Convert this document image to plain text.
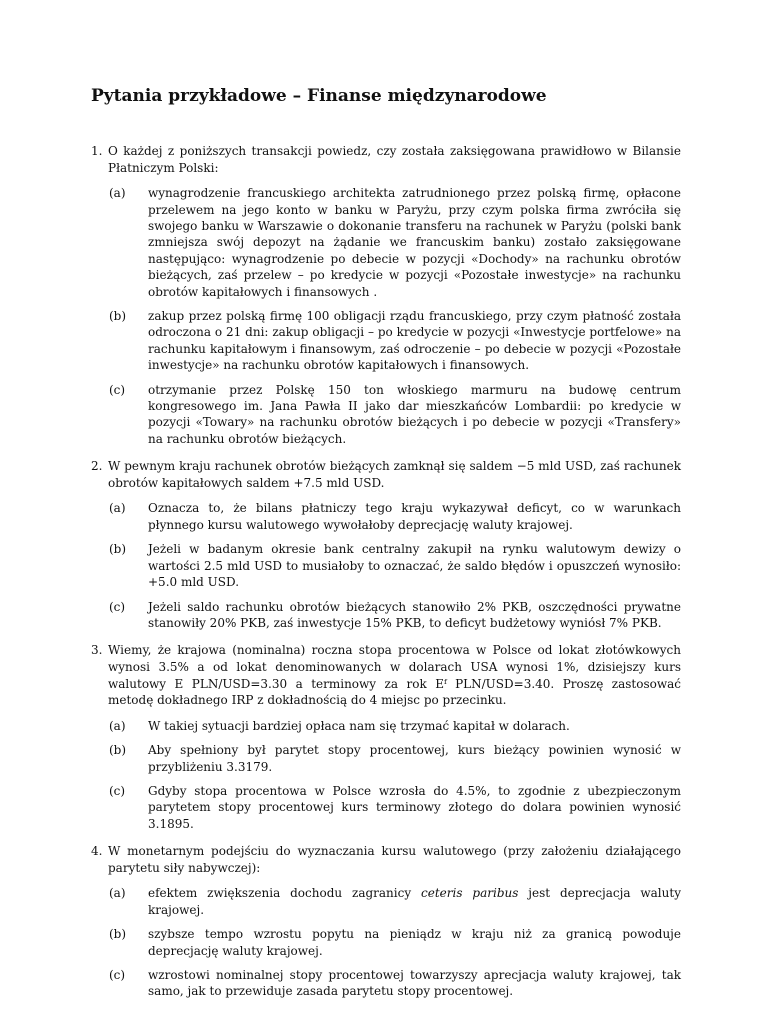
Pytania przykładowe – Finanse międzynarodowe
1. O każdej z poniższych transakcji powiedz, czy została zaksięgowana prawidłowo w Bilansie Płatniczym Polski:
(a)	wynagrodzenie francuskiego architekta zatrudnionego przez polską firmę, opłacone przelewem na jego konto w banku w Paryżu, przy czym polska firma zwróciła się swojego banku w Warszawie o dokonanie transferu na rachunek w Paryżu (polski bank zmniejsza swój depozyt na żądanie we francuskim banku) zostało zaksięgowane następująco: wynagrodzenie po debecie w pozycji «Dochody» na rachunku obrotów bieżących, zaś przelew – po kredycie w pozycji «Pozostałe inwestycje» na rachunku obrotów kapitałowych i finansowych .
(b)	zakup przez polską firmę 100 obligacji rządu francuskiego, przy czym płatność została odroczona o 21 dni: zakup obligacji – po kredycie w pozycji «Inwestycje portfelowe» na rachunku kapitałowym i finansowym, zaś odroczenie – po debecie w pozycji «Pozostałe inwestycje» na rachunku obrotów kapitałowych i finansowych.
(c)	otrzymanie przez Polskę 150 ton włoskiego marmuru na budowę centrum kongresowego im. Jana Pawła II jako dar mieszkańców Lombardii: po kredycie w pozycji «Towary» na rachunku obrotów bieżących i po debecie w pozycji «Transfery» na rachunku obrotów bieżących.
2. W pewnym kraju rachunek obrotów bieżących zamknął się saldem −5 mld USD, zaś rachunek obrotów kapitałowych saldem +7.5 mld USD.
(a)	Oznacza to, że bilans płatniczy tego kraju wykazywał deficyt, co w warunkach płynnego kursu walutowego wywołałoby deprecjację waluty krajowej.
(b)	Jeżeli w badanym okresie bank centralny zakupił na rynku walutowym dewizy o wartości 2.5 mld USD to musiałoby to oznaczać, że saldo błędów i opuszczeń wynosiło: +5.0 mld USD.
(c)	Jeżeli saldo rachunku obrotów bieżących stanowiło 2% PKB, oszczędności prywatne stanowiły 20% PKB, zaś inwestycje 15% PKB, to deficyt budżetowy wyniósł 7% PKB.
3. Wiemy, że krajowa (nominalna) roczna stopa procentowa w Polsce od lokat złotówkowych wynosi 3.5% a od lokat denominowanych w dolarach USA wynosi 1%, dzisiejszy kurs walutowy E PLN/USD=3.30 a terminowy za rok Eᶠ PLN/USD=3.40. Proszę zastosować metodę dokładnego IRP z dokładnością do 4 miejsc po przecinku.
(a)	W takiej sytuacji bardziej opłaca nam się trzymać kapitał w dolarach.
(b)	Aby spełniony był parytet stopy procentowej, kurs bieżący powinien wynosić w przybliżeniu 3.3179.
(c)	Gdyby stopa procentowa w Polsce wzrosła do 4.5%, to zgodnie z ubezpieczonym parytetem stopy procentowej kurs terminowy złotego do dolara powinien wynosić 3.1895.
4. W monetarnym podejściu do wyznaczania kursu walutowego (przy założeniu działającego parytetu siły nabywczej):
(a)	efektem zwiększenia dochodu zagranicy ceteris paribus jest deprecjacja waluty krajowej.
(b)	szybsze tempo wzrostu popytu na pieniądz w kraju niż za granicą powoduje deprecjację waluty krajowej.
(c)	wzrostowi nominalnej stopy procentowej towarzyszy aprecjacja waluty krajowej, tak samo, jak to przewiduje zasada parytetu stopy procentowej.
